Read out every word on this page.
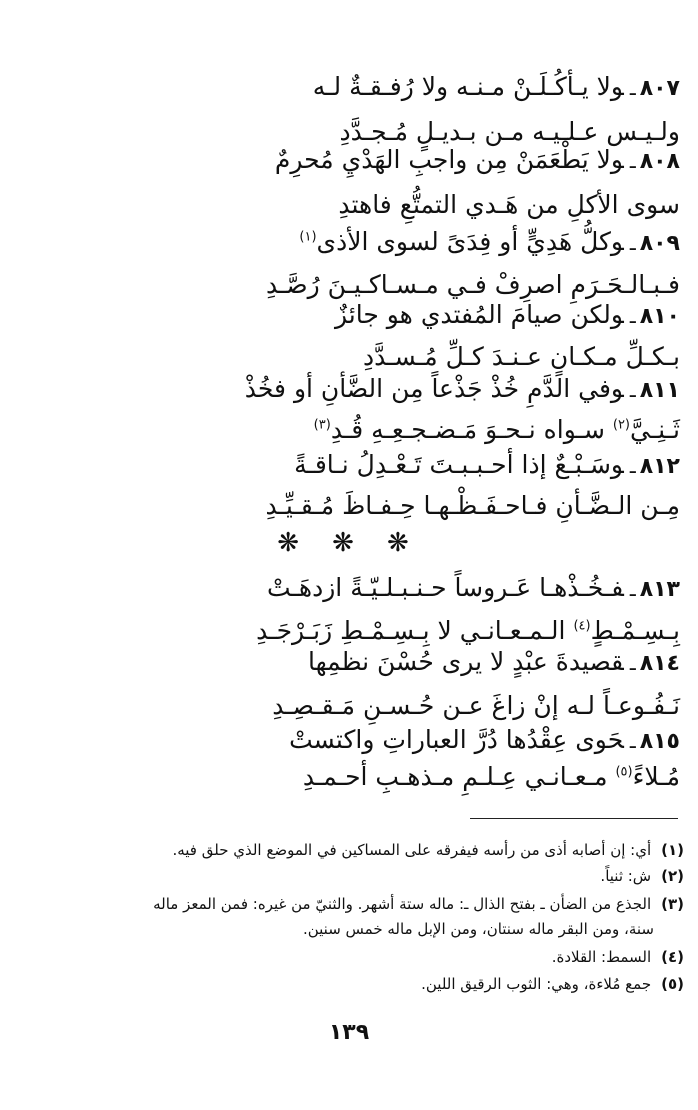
٨٠٧ـولا يـأكُـلَـنْ مـنـه ولا رُفـقـةٌ لـه
ولـيـس عـلـيـه مـن بـديـلٍ مُـجـدَّدِ
٨٠٨ـولا يَطْعَمَنْ مِن واجبِ الهَدْيِ مُحرِمٌ
سوى الأكلِ من هَـدي التمتُّعِ فاهتدِ
٨٠٩ـوكلُّ هَدِيٍّ أو فِدَىً لسوى الأذى$^{(١)}$
فـبـالـحَـرَمِ اصرِفْ فـي مـسـاكـيـنَ رُصَّـدِ
٨١٠ـولكن صيامَ المُفتدي هو جائزٌ
بـكـلِّ مـكـانٍ عـنـدَ كـلِّ مُـسـدَّدِ
٨١١ـوفي الدَّمِ خُذْ جَذْعاً مِن الضَّأنِ أو فخُذْ
ثَـنِـيَّ$^{(٢)}$ سـواه نـحـوَ مَـضـجـعِـهِ قُـدِ$^{(٣)}$
٨١٢ـوسَـبْـعٌ إذا أحـبـبـتَ تَـعْـدِلُ نـاقـةً
مِـن الـضَّـأنِ فـاحـفَـظْـهـا حِـفـاظَ مُـقـيِّـدِ
❋ ❋ ❋
٨١٣ـفـخُـذْهـا عَـروساً حـنـبـلـيّـةً ازدهَـتْ
بِـسِـمْـطٍ$^{(٤)}$ الـمـعـانـي لا بِـسِـمْـطِ زَبَـرْجَـدِ
٨١٤ـقصيدةَ عبْدٍ لا يرى حُسْنَ نظمِها
نَـفُـوعـاً لـه إنْ زاغَ عـن حُـسـنِ مَـقـصِـدِ
٨١٥ـحَوى عِقْدُها دُرَّ العباراتِ واكتستْ
مُـلاءً$^{(٥)}$ مـعـانـي عِـلـمِ مـذهـبِ أحـمـدِ
(١)أي: إن أصابه أذى من رأسه فيفرقه على المساكين في الموضع الذي حلق فيه.
(٢)ش: ثنياً.
(٣)الجذع من الضأن ـ بفتح الذال ـ: ماله ستة أشهر. والثنيّ من غيره: فمن المعز ماله
سنة، ومن البقر ماله سنتان، ومن الإبل ماله خمس سنين.
(٤)السمط: القلادة.
(٥)جمع مُلاءة، وهي: الثوب الرقيق اللين.
١٣٩
